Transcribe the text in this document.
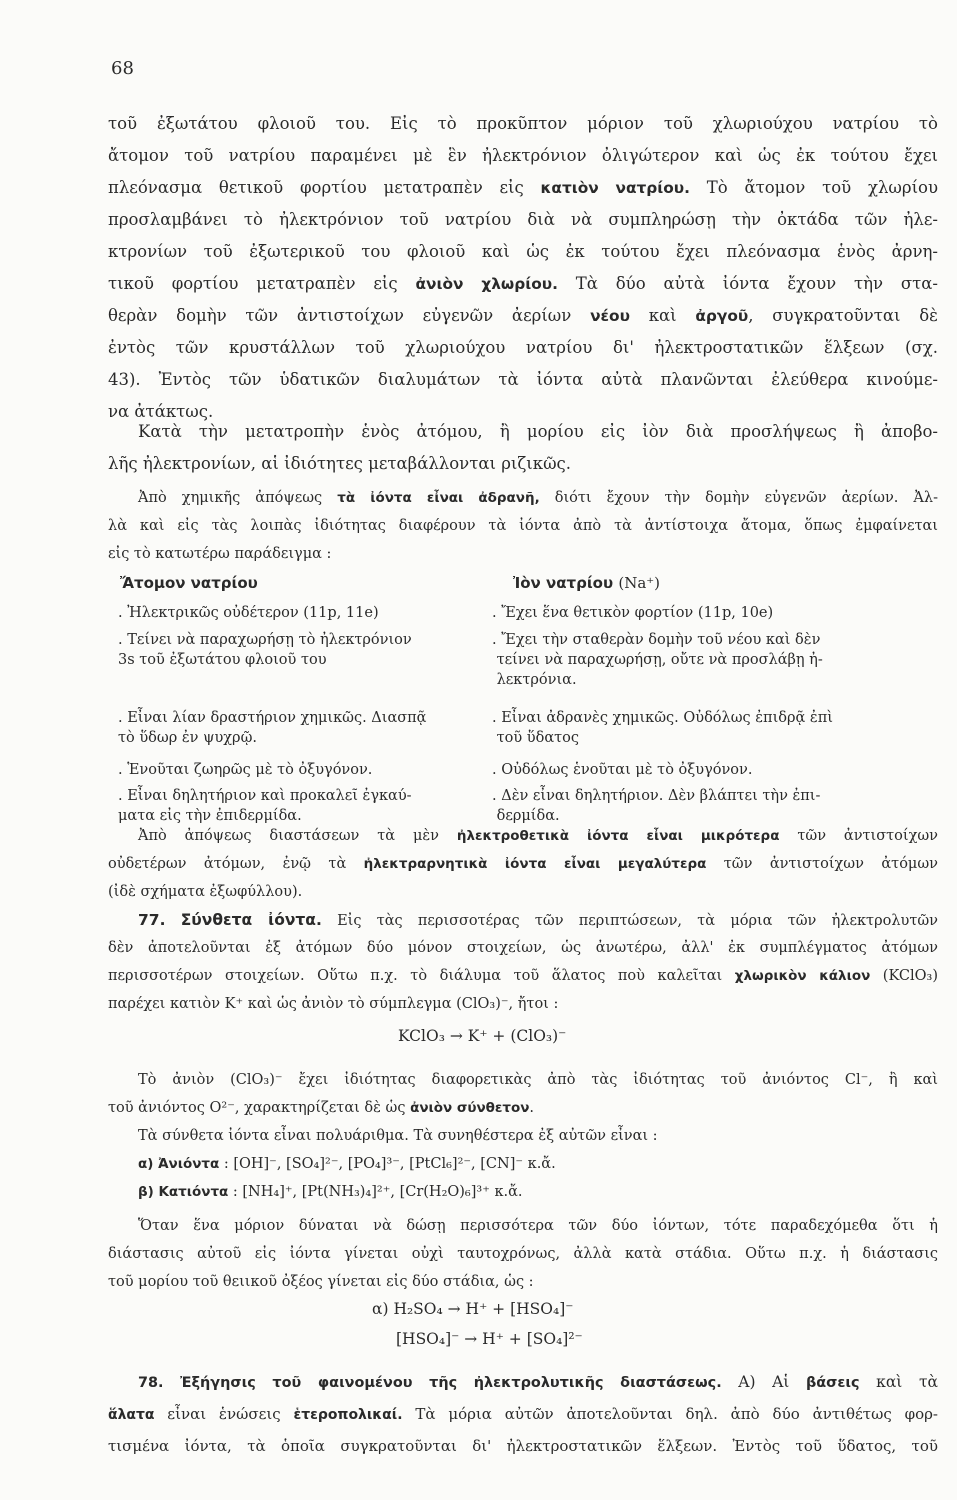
68
τοῦ ἐξωτάτου φλοιοῦ του. Εἰς τὸ προκῦπτον μόριον τοῦ χλωριούχου νατρίου τὸ
ἄτομον τοῦ νατρίου παραμένει μὲ ἓν ἠλεκτρόνιον ὀλιγώτερον καὶ ὡς ἐκ τούτου ἔχει
πλεόνασμα θετικοῦ φορτίου μετατραπὲν εἰς κατιὸν νατρίου. Τὸ ἄτομον τοῦ χλωρίου
προσλαμβάνει τὸ ἠλεκτρόνιον τοῦ νατρίου διὰ νὰ συμπληρώσῃ τὴν ὀκτάδα τῶν ἠλε-
κτρονίων τοῦ ἐξωτερικοῦ του φλοιοῦ καὶ ὡς ἐκ τούτου ἔχει πλεόνασμα ἑνὸς ἀρνη-
τικοῦ φορτίου μετατραπὲν εἰς ἀνιὸν χλωρίου. Τὰ δύο αὐτὰ ἰόντα ἔχουν τὴν στα-
θερὰν δομὴν τῶν ἀντιστοίχων εὐγενῶν ἀερίων νέου καὶ ἀργοῦ, συγκρατοῦνται δὲ
ἐντὸς τῶν κρυστάλλων τοῦ χλωριούχου νατρίου δι' ἠλεκτροστατικῶν ἕλξεων (σχ.
43). Ἐντὸς τῶν ὑδατικῶν διαλυμάτων τὰ ἰόντα αὐτὰ πλανῶνται ἐλεύθερα κινούμε-
να ἀτάκτως.
Κατὰ τὴν μετατροπὴν ἑνὸς ἀτόμου, ἢ μορίου εἰς ἰὸν διὰ προσλήψεως ἢ ἀποβο-
λῆς ἠλεκτρονίων, αἱ ἰδιότητες μεταβάλλονται ριζικῶς.
Ἀπὸ χημικῆς ἀπόψεως τὰ ἰόντα εἶναι ἀδρανῆ, διότι ἔχουν τὴν δομὴν εὐγενῶν ἀερίων. Ἀλ-
λὰ καὶ εἰς τὰς λοιπὰς ἰδιότητας διαφέρουν τὰ ἰόντα ἀπὸ τὰ ἀντίστοιχα ἄτομα, ὅπως ἐμφαίνεται
εἰς τὸ κατωτέρω παράδειγμα :
Ἄτομον νατρίου	Ἰὸν νατρίου (Na⁺)
. Ἠλεκτρικῶς οὐδέτερον (11p, 11e)
. Τείνει νὰ παραχωρήσῃ τὸ ἠλεκτρόνιον
3s τοῦ ἐξωτάτου φλοιοῦ του
. Εἶναι λίαν δραστήριον χημικῶς. Διασπᾷ
τὸ ὕδωρ ἐν ψυχρῷ.
. Ἑνοῦται ζωηρῶς μὲ τὸ ὀξυγόνον.
. Εἶναι δηλητήριον καὶ προκαλεῖ ἐγκαύ-
ματα εἰς τὴν ἐπιδερμίδα.
. Ἔχει ἕνα θετικὸν φορτίον (11p, 10e)
. Ἔχει τὴν σταθερὰν δομὴν τοῦ νέου καὶ δὲν
τείνει νὰ παραχωρήσῃ, οὔτε νὰ προσλάβῃ ἠ-
λεκτρόνια.
. Εἶναι ἀδρανὲς χημικῶς. Οὐδόλως ἐπιδρᾷ ἐπὶ
τοῦ ὕδατος
. Οὐδόλως ἑνοῦται μὲ τὸ ὀξυγόνον.
. Δὲν εἶναι δηλητήριον. Δὲν βλάπτει τὴν ἐπι-
δερμίδα.
Ἀπὸ ἀπόψεως διαστάσεων τὰ μὲν ἠλεκτροθετικὰ ἰόντα εἶναι μικρότερα τῶν ἀντιστοίχων
οὐδετέρων ἀτόμων, ἐνῷ τὰ ἠλεκτραρνητικὰ ἰόντα εἶναι μεγαλύτερα τῶν ἀντιστοίχων ἀτόμων
(ἰδὲ σχήματα ἐξωφύλλου).
77. Σύνθετα ἰόντα. Εἰς τὰς περισσοτέρας τῶν περιπτώσεων, τὰ μόρια τῶν ἠλεκτρολυτῶν
δὲν ἀποτελοῦνται ἐξ ἀτόμων δύο μόνον στοιχείων, ὡς ἀνωτέρω, ἀλλ' ἐκ συμπλέγματος ἀτόμων
περισσοτέρων στοιχείων. Οὕτω π.χ. τὸ διάλυμα τοῦ ἅλατος ποὺ καλεῖται χλωρικὸν κάλιον (KClO₃)
παρέχει κατιὸν K⁺ καὶ ὡς ἀνιὸν τὸ σύμπλεγμα (ClO₃)⁻, ἤτοι :
KClO₃ → K⁺ + (ClO₃)⁻
Τὸ ἀνιὸν (ClO₃)⁻ ἔχει ἰδιότητας διαφορετικὰς ἀπὸ τὰς ἰδιότητας τοῦ ἀνιόντος Cl⁻, ἢ καὶ
τοῦ ἀνιόντος O²⁻, χαρακτηρίζεται δὲ ὡς ἀνιὸν σύνθετον.
Τὰ σύνθετα ἰόντα εἶναι πολυάριθμα. Τὰ συνηθέστερα ἐξ αὐτῶν εἶναι :
α) Ἀνιόντα : [OH]⁻, [SO₄]²⁻, [PO₄]³⁻, [PtCl₆]²⁻, [CN]⁻ κ.ἄ.
β) Κατιόντα : [NH₄]⁺, [Pt(NH₃)₄]²⁺, [Cr(H₂O)₆]³⁺ κ.ἄ.
Ὅταν ἕνα μόριον δύναται νὰ δώσῃ περισσότερα τῶν δύο ἰόντων, τότε παραδεχόμεθα ὅτι ἡ
διάστασις αὐτοῦ εἰς ἰόντα γίνεται οὐχὶ ταυτοχρόνως, ἀλλὰ κατὰ στάδια. Οὕτω π.χ. ἡ διάστασις
τοῦ μορίου τοῦ θειικοῦ ὀξέος γίνεται εἰς δύο στάδια, ὡς :
α) H₂SO₄ → H⁺ + [HSO₄]⁻
[HSO₄]⁻ → H⁺ + [SO₄]²⁻
78. Ἐξήγησις τοῦ φαινομένου τῆς ἠλεκτρολυτικῆς διαστάσεως. Α) Αἱ βάσεις καὶ τὰ
ἅλατα εἶναι ἑνώσεις ἑτεροπολικαί. Τὰ μόρια αὐτῶν ἀποτελοῦνται δηλ. ἀπὸ δύο ἀντιθέτως φορ-
τισμένα ἰόντα, τὰ ὁποῖα συγκρατοῦνται δι' ἠλεκτροστατικῶν ἕλξεων. Ἐντὸς τοῦ ὕδατος, τοῦ
